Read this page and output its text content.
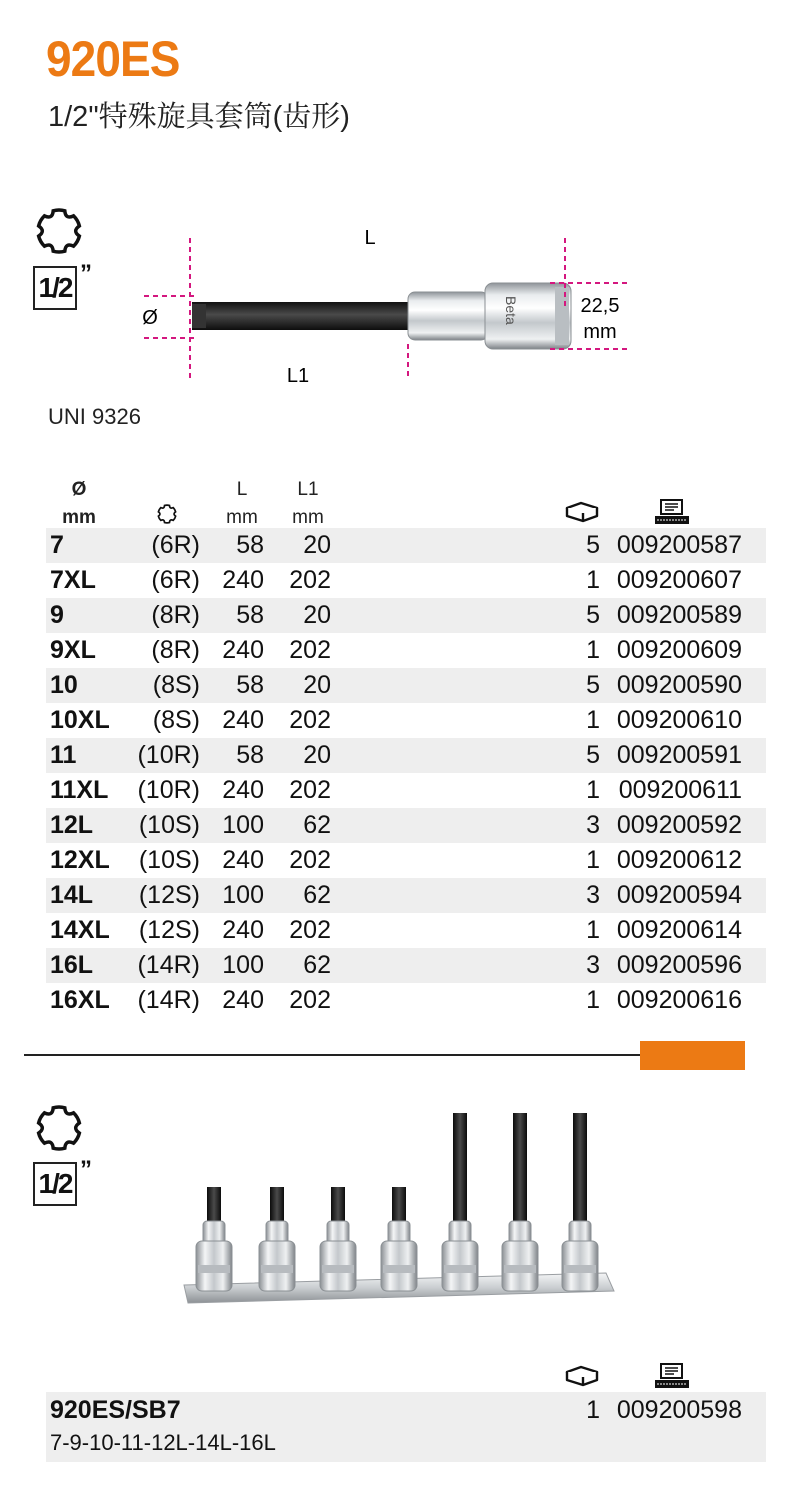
920ES
1/2"特殊旋具套筒(齿形)
1/2 ”
Beta
L
L1
Ø
22,5
mm
UNI 9326
Ø
mm
L
mm
L1
mm
7	(6R)	58	20	5 009200587
7XL	(6R) 240	202	1 009200607
9	(8R)	58	20	5 009200589
9XL	(8R) 240	202	1 009200609
10	(8S)	58	20	5 009200590
10XL	(8S) 240	202	1 009200610
11 (10R)	58	20	5 009200591
11XL (10R) 240	202	1 009200611
12L (10S) 100	62	3 009200592
12XL (10S) 240	202	1 009200612
14L (12S) 100	62	3 009200594
14XL (12S) 240	202	1 009200614
16L (14R) 100	62	3 009200596
16XL (14R) 240	202	1 009200616
1/2 ”
920ES/SB7
7-9-10-11-12L-14L-16L
1 009200598
